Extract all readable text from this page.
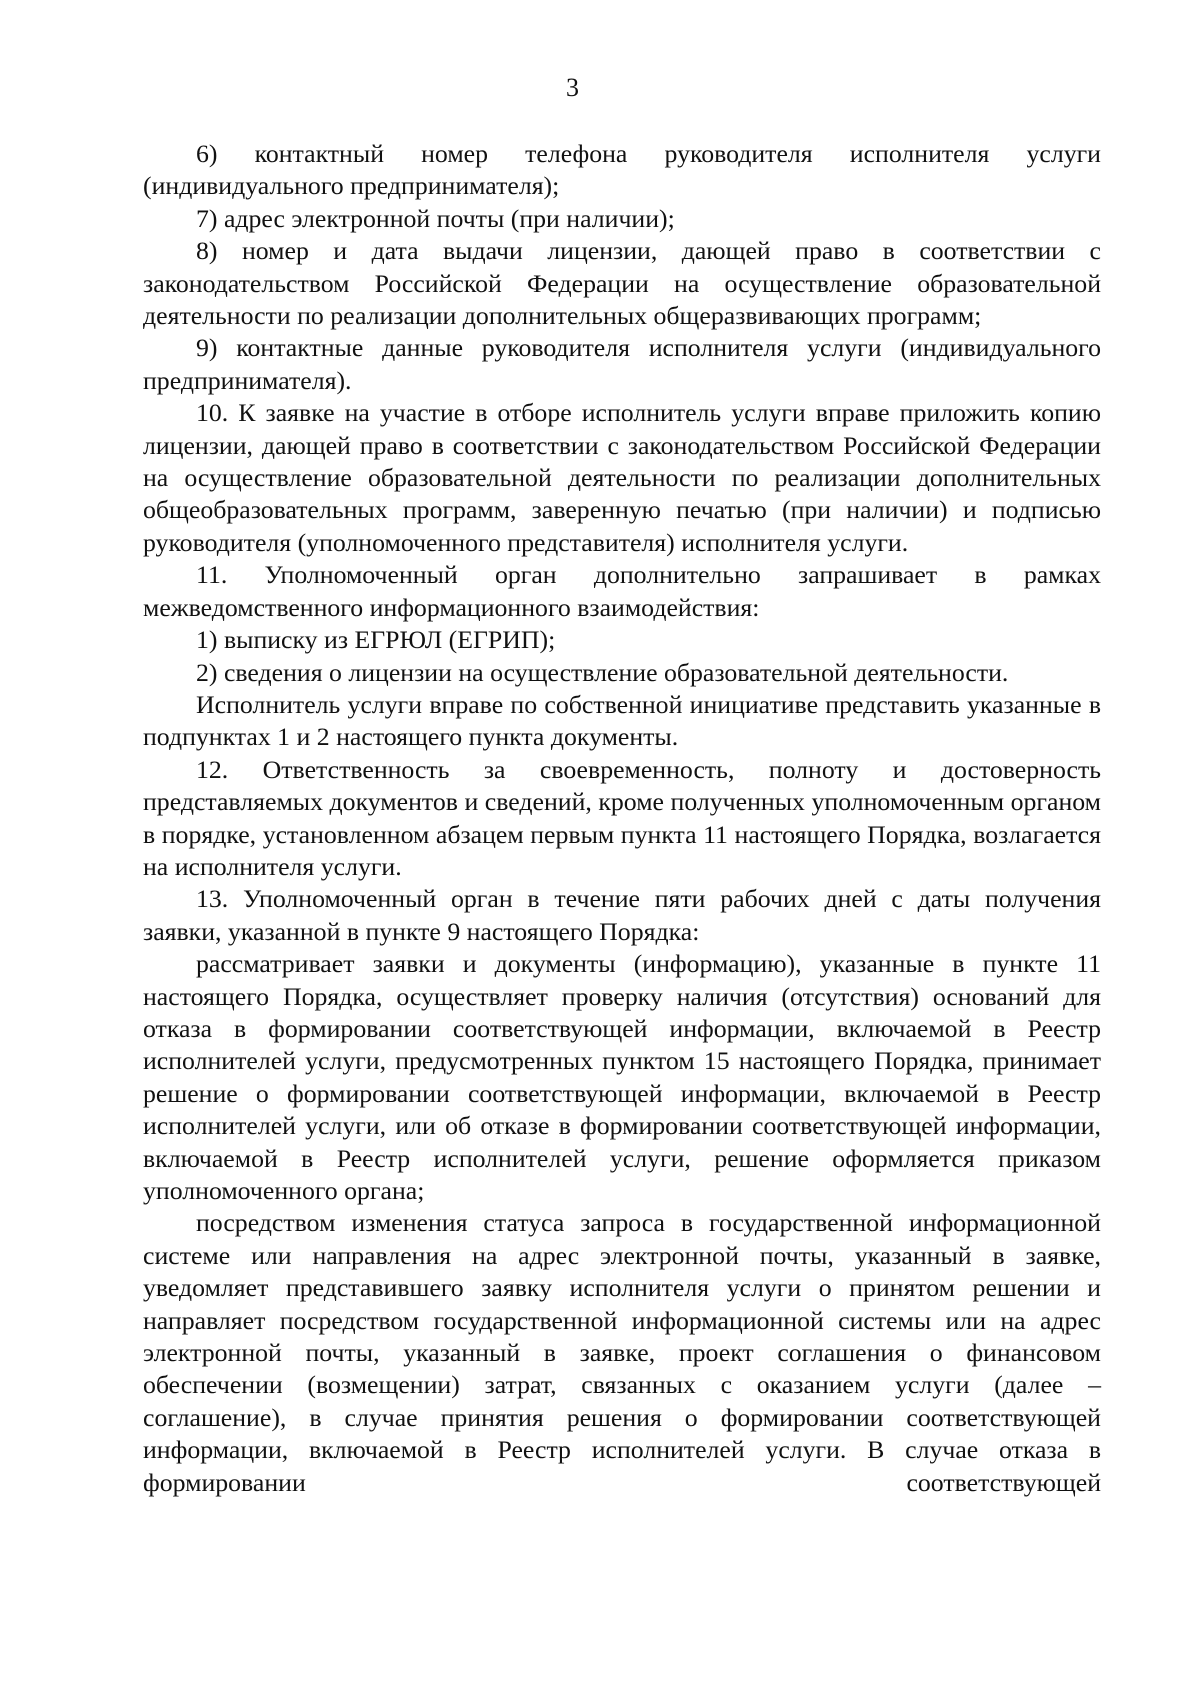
3

6) контактный номер телефона руководителя исполнителя услуги (индивидуального предпринимателя);

7) адрес электронной почты (при наличии);

8) номер и дата выдачи лицензии, дающей право в соответствии с законодательством Российской Федерации на осуществление образовательной деятельности по реализации дополнительных общеразвивающих программ;

9) контактные данные руководителя исполнителя услуги (индивидуального предпринимателя).

10. К заявке на участие в отборе исполнитель услуги вправе приложить копию лицензии, дающей право в соответствии с законодательством Российской Федерации на осуществление образовательной деятельности по реализации дополнительных общеобразовательных программ, заверенную печатью (при наличии) и подписью руководителя (уполномоченного представителя) исполнителя услуги.

11. Уполномоченный орган дополнительно запрашивает в рамках межведомственного информационного взаимодействия:

1) выписку из ЕГРЮЛ (ЕГРИП);

2) сведения о лицензии на осуществление образовательной деятельности.

Исполнитель услуги вправе по собственной инициативе представить указанные в подпунктах 1 и 2 настоящего пункта документы.

12. Ответственность за своевременность, полноту и достоверность представляемых документов и сведений, кроме полученных уполномоченным органом в порядке, установленном абзацем первым пункта 11 настоящего Порядка, возлагается на исполнителя услуги.

13. Уполномоченный орган в течение пяти рабочих дней с даты получения заявки, указанной в пункте 9 настоящего Порядка:

рассматривает заявки и документы (информацию), указанные в пункте 11 настоящего Порядка, осуществляет проверку наличия (отсутствия) оснований для отказа в формировании соответствующей информации, включаемой в Реестр исполнителей услуги, предусмотренных пунктом 15 настоящего Порядка, принимает решение о формировании соответствующей информации, включаемой в Реестр исполнителей услуги, или об отказе в формировании соответствующей информации, включаемой в Реестр исполнителей услуги, решение оформляется приказом уполномоченного органа;

посредством изменения статуса запроса в государственной информационной системе или направления на адрес электронной почты, указанный в заявке, уведомляет представившего заявку исполнителя услуги о принятом решении и направляет посредством государственной информационной системы или на адрес электронной почты, указанный в заявке, проект соглашения о финансовом обеспечении (возмещении) затрат, связанных с оказанием услуги (далее – соглашение), в случае принятия решения о формировании соответствующей информации, включаемой в Реестр исполнителей услуги. В случае отказа в формировании соответствующей
